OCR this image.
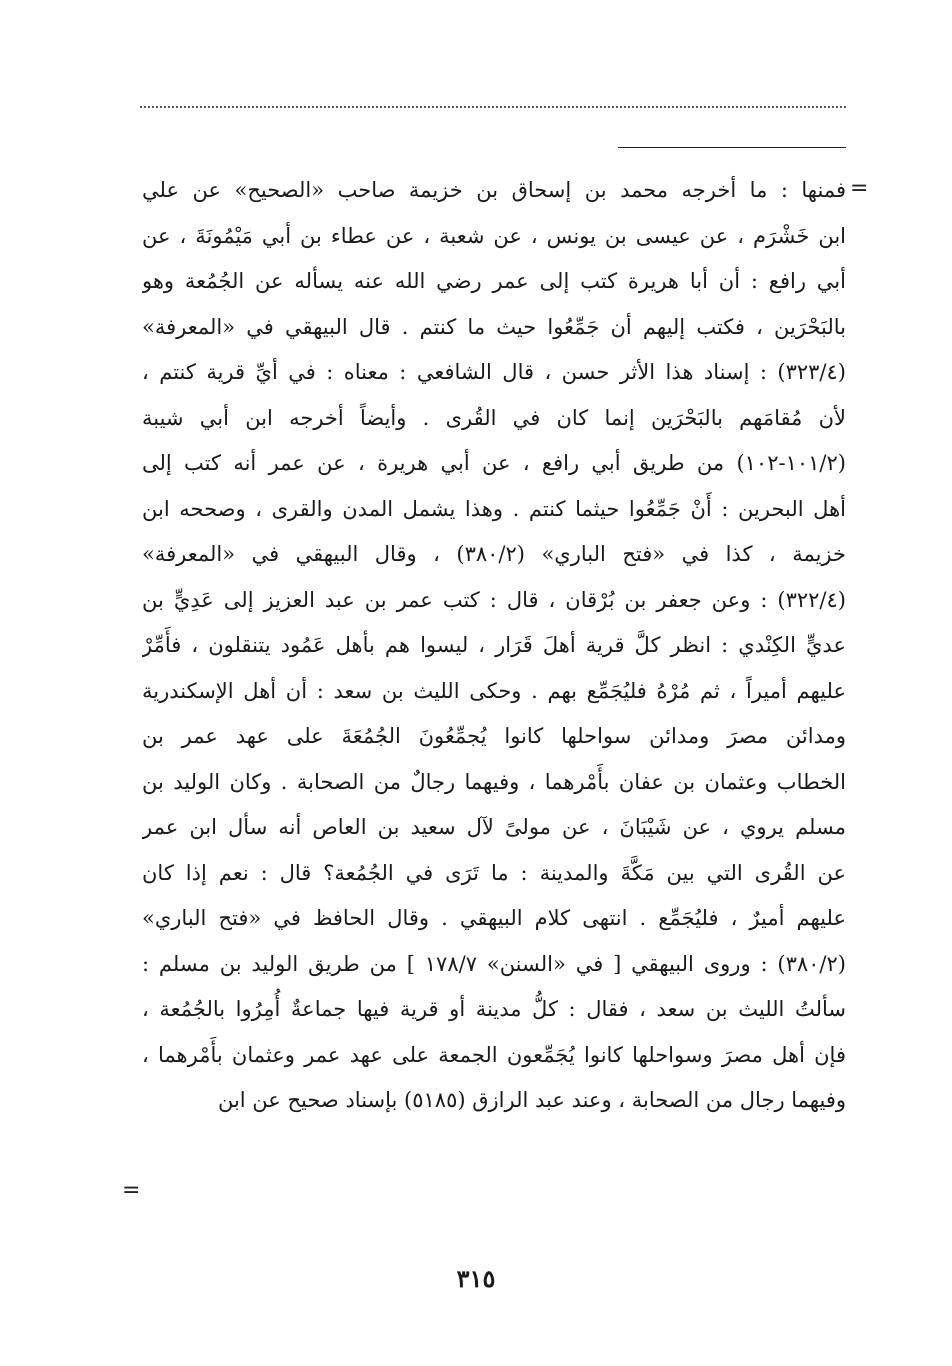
=
فمنها : ما أخرجه محمد بن إسحاق بن خزيمة صاحب «الصحيح» عن علي
ابن خَشْرَم ، عن عيسى بن يونس ، عن شعبة ، عن عطاء بن أبي مَيْمُونَةَ ، عن
أبي رافع : أن أبا هريرة كتب إلى عمر رضي الله عنه يسأله عن الجُمُعة وهو
بالبَحْرَين ، فكتب إليهم أن جَمِّعُوا حيث ما كنتم . قال البيهقي في «المعرفة»
(٣٢٣/٤) : إسناد هذا الأثر حسن ، قال الشافعي : معناه : في أيِّ قرية كنتم ،
لأن مُقامَهم بالبَحْرَين إنما كان في القُرى . وأيضاً أخرجه ابن أبي شيبة
(١٠١/٢-١٠٢) من طريق أبي رافع ، عن أبي هريرة ، عن عمر أنه كتب إلى
أهل البحرين : أَنْ جَمِّعُوا حيثما كنتم . وهذا يشمل المدن والقرى ، وصححه ابن
خزيمة ، كذا في «فتح الباري» (٣٨٠/٢) ، وقال البيهقي في «المعرفة»
(٣٢٢/٤) : وعن جعفر بن بُرْقان ، قال : كتب عمر بن عبد العزيز إلى عَدِيٍّ بن
عديٍّ الكِنْدي : انظر كلَّ قرية أهلَ قَرَار ، ليسوا هم بأهل عَمُود يتنقلون ، فأَمِّرْ
عليهم أميراً ، ثم مُرْهُ فليُجَمِّع بهم . وحكى الليث بن سعد : أن أهل الإسكندرية
ومدائن مصرَ ومدائن سواحلها كانوا يُجمِّعُونَ الجُمُعَةَ على عهد عمر بن
الخطاب وعثمان بن عفان بأَمْرهما ، وفيهما رجالٌ من الصحابة . وكان الوليد بن
مسلم يروي ، عن شَيْبَانَ ، عن مولىً لآل سعيد بن العاص أنه سأل ابن عمر
عن القُرى التي بين مَكَّةَ والمدينة : ما تَرَى في الجُمُعة؟ قال : نعم إذا كان
عليهم أميرٌ ، فليُجَمِّع . انتهى كلام البيهقي . وقال الحافظ في «فتح الباري»
(٣٨٠/٢) : وروى البيهقي [ في «السنن» ١٧٨/٧ ] من طريق الوليد بن مسلم :
سألتُ الليث بن سعد ، فقال : كلُّ مدينة أو قرية فيها جماعةٌ أُمِرُوا بالجُمُعة ،
فإن أهل مصرَ وسواحلها كانوا يُجَمِّعون الجمعة على عهد عمر وعثمان بأَمْرهما ،
وفيهما رجال من الصحابة ، وعند عبد الرازق (٥١٨٥) بإسناد صحيح عن ابن
=
٣١٥
